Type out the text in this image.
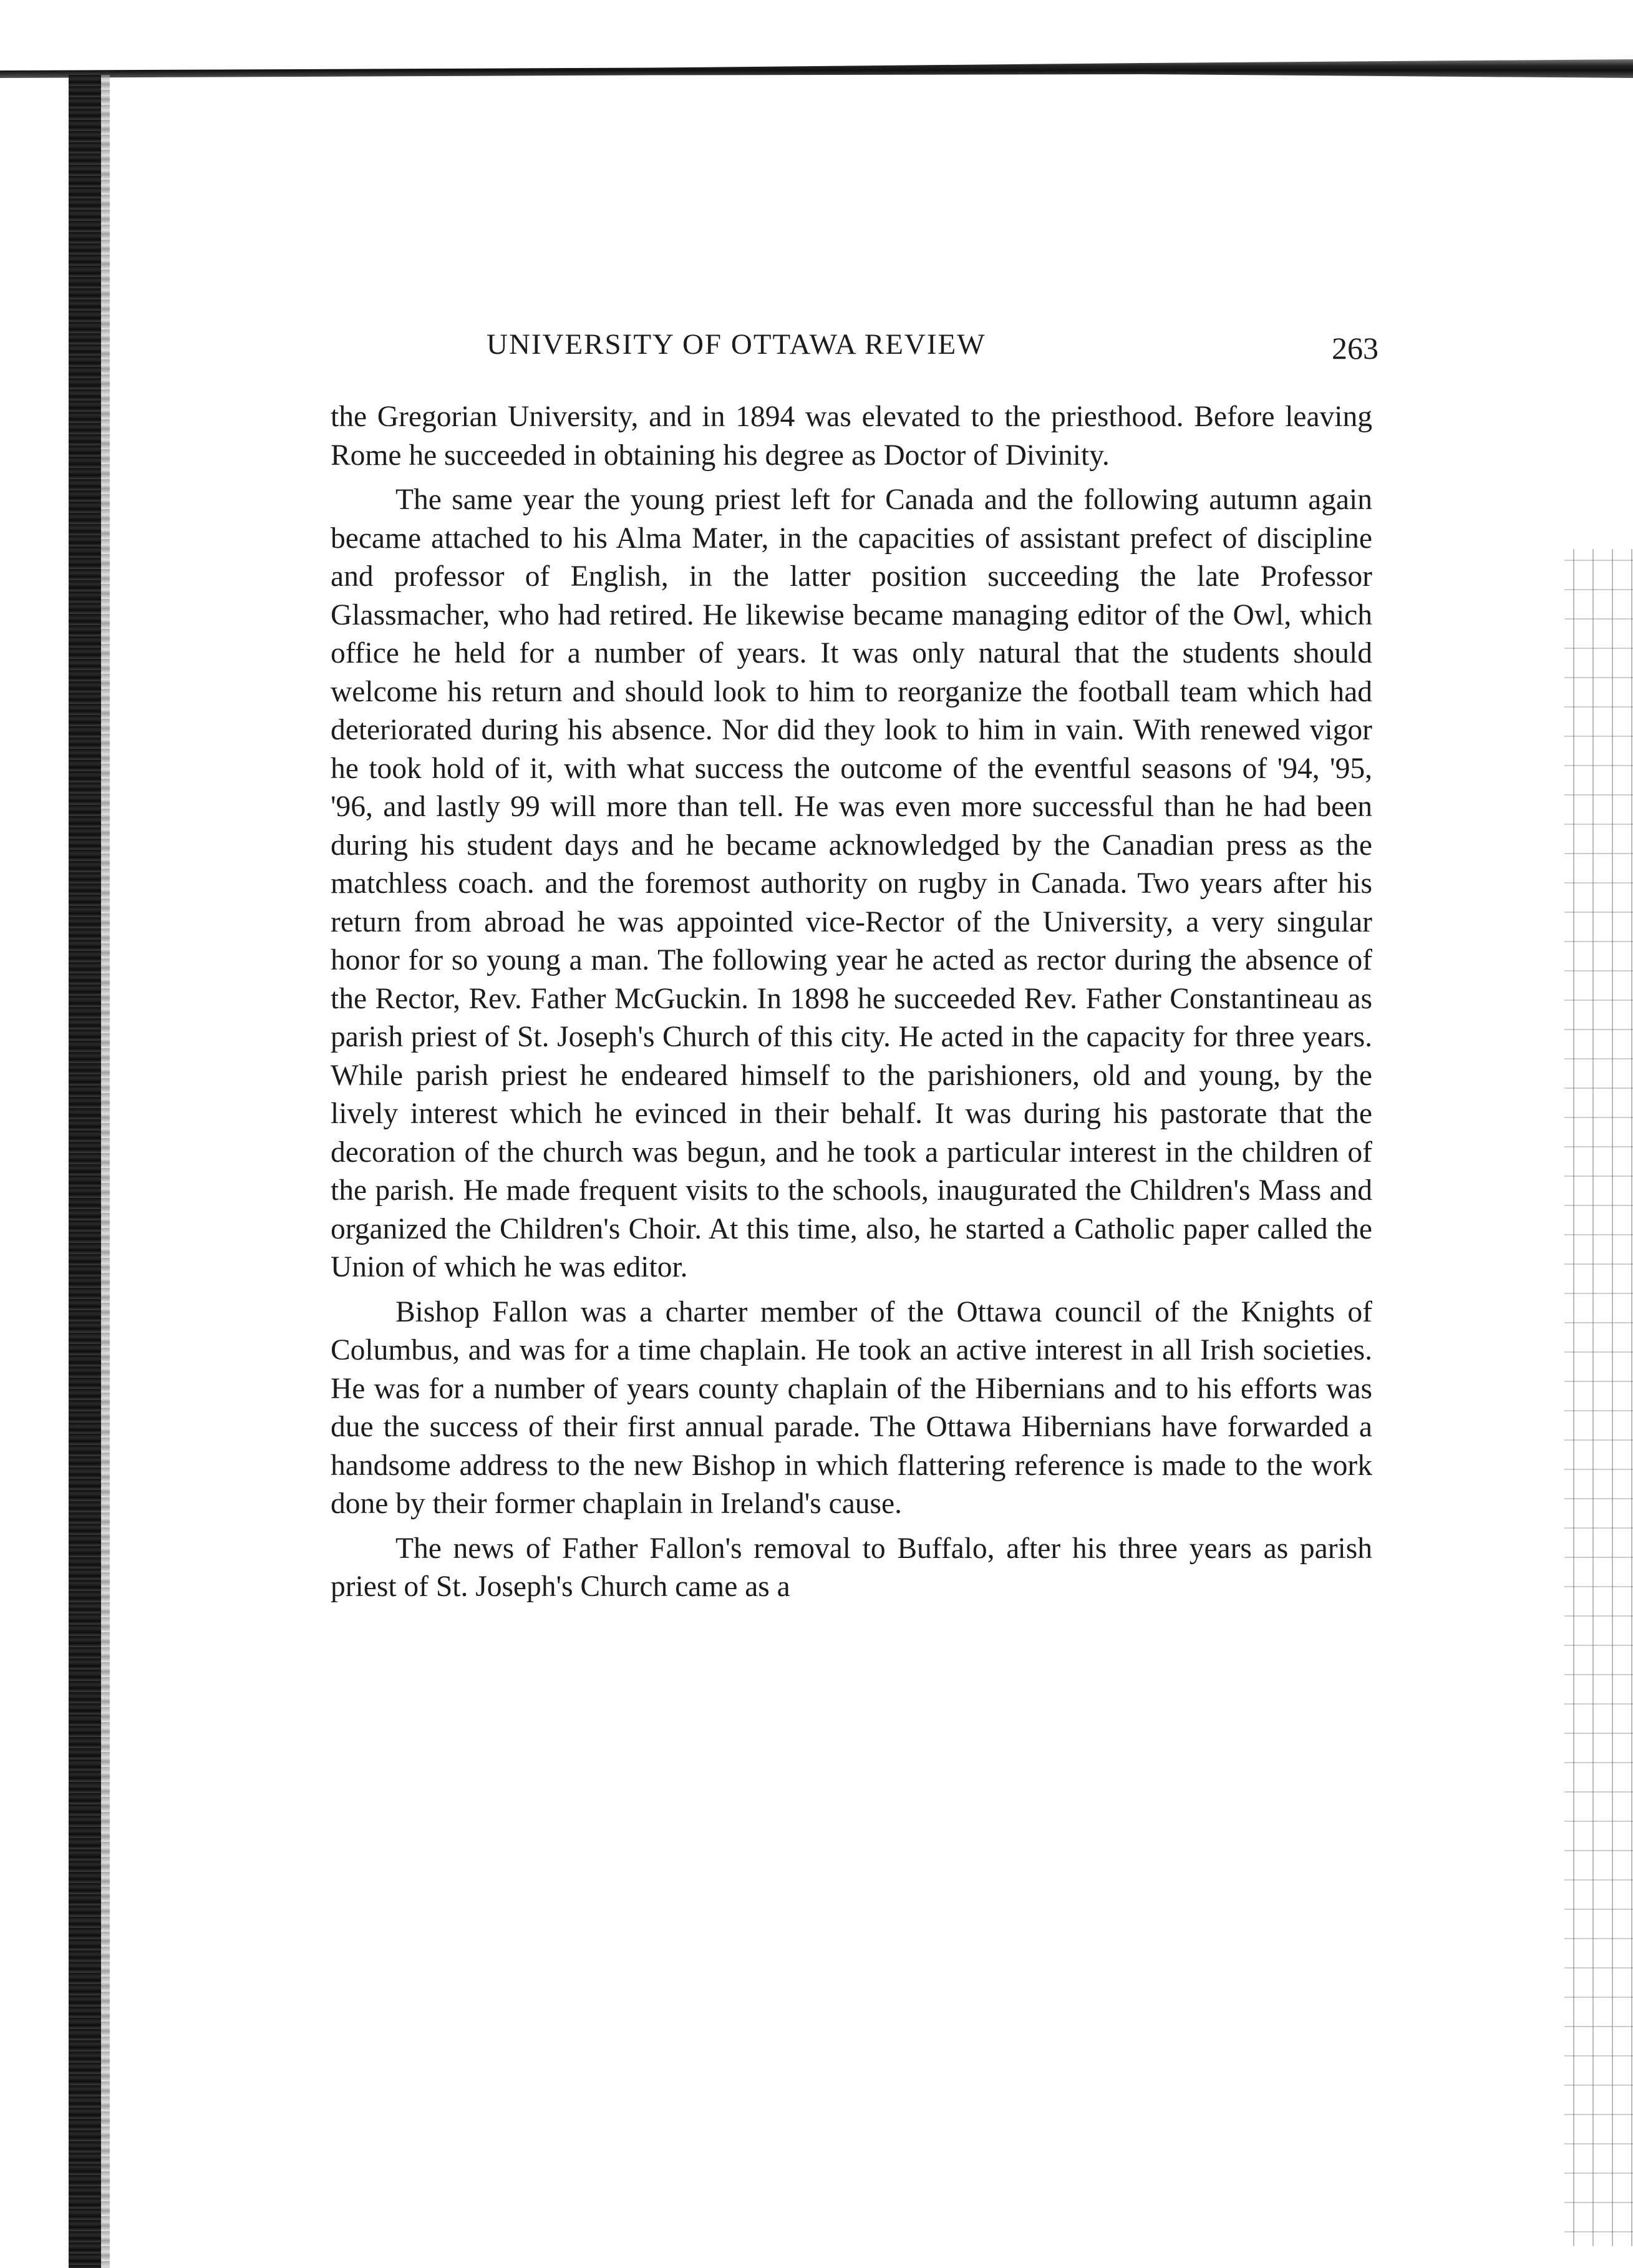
UNIVERSITY OF OTTAWA REVIEW	263

the Gregorian University, and in 1894 was elevated to the priesthood. Before leaving Rome he succeeded in obtaining his degree as Doctor of Divinity.

The same year the young priest left for Canada and the following autumn again became attached to his Alma Mater, in the capacities of assistant prefect of discipline and professor of English, in the latter position succeeding the late Professor Glassmacher, who had retired. He likewise became managing editor of the Owl, which office he held for a number of years. It was only natural that the students should welcome his return and should look to him to reorganize the football team which had deteriorated during his absence. Nor did they look to him in vain. With renewed vigor he took hold of it, with what success the outcome of the eventful seasons of '94, '95, '96, and lastly 99 will more than tell. He was even more successful than he had been during his student days and he became acknowledged by the Canadian press as the matchless coach. and the foremost authority on rugby in Canada. Two years after his return from abroad he was appointed vice-Rector of the University, a very singular honor for so young a man. The following year he acted as rector during the absence of the Rector, Rev. Father McGuckin. In 1898 he succeeded Rev. Father Constantineau as parish priest of St. Joseph's Church of this city. He acted in the capacity for three years. While parish priest he endeared himself to the parishioners, old and young, by the lively interest which he evinced in their behalf. It was during his pastorate that the decoration of the church was begun, and he took a particular interest in the children of the parish. He made frequent visits to the schools, inaugurated the Children's Mass and organized the Children's Choir. At this time, also, he started a Catholic paper called the Union of which he was editor.

Bishop Fallon was a charter member of the Ottawa council of the Knights of Columbus, and was for a time chaplain. He took an active interest in all Irish societies. He was for a number of years county chaplain of the Hibernians and to his efforts was due the success of their first annual parade. The Ottawa Hibernians have forwarded a handsome address to the new Bishop in which flattering reference is made to the work done by their former chaplain in Ireland's cause.

The news of Father Fallon's removal to Buffalo, after his three years as parish priest of St. Joseph's Church came as a
